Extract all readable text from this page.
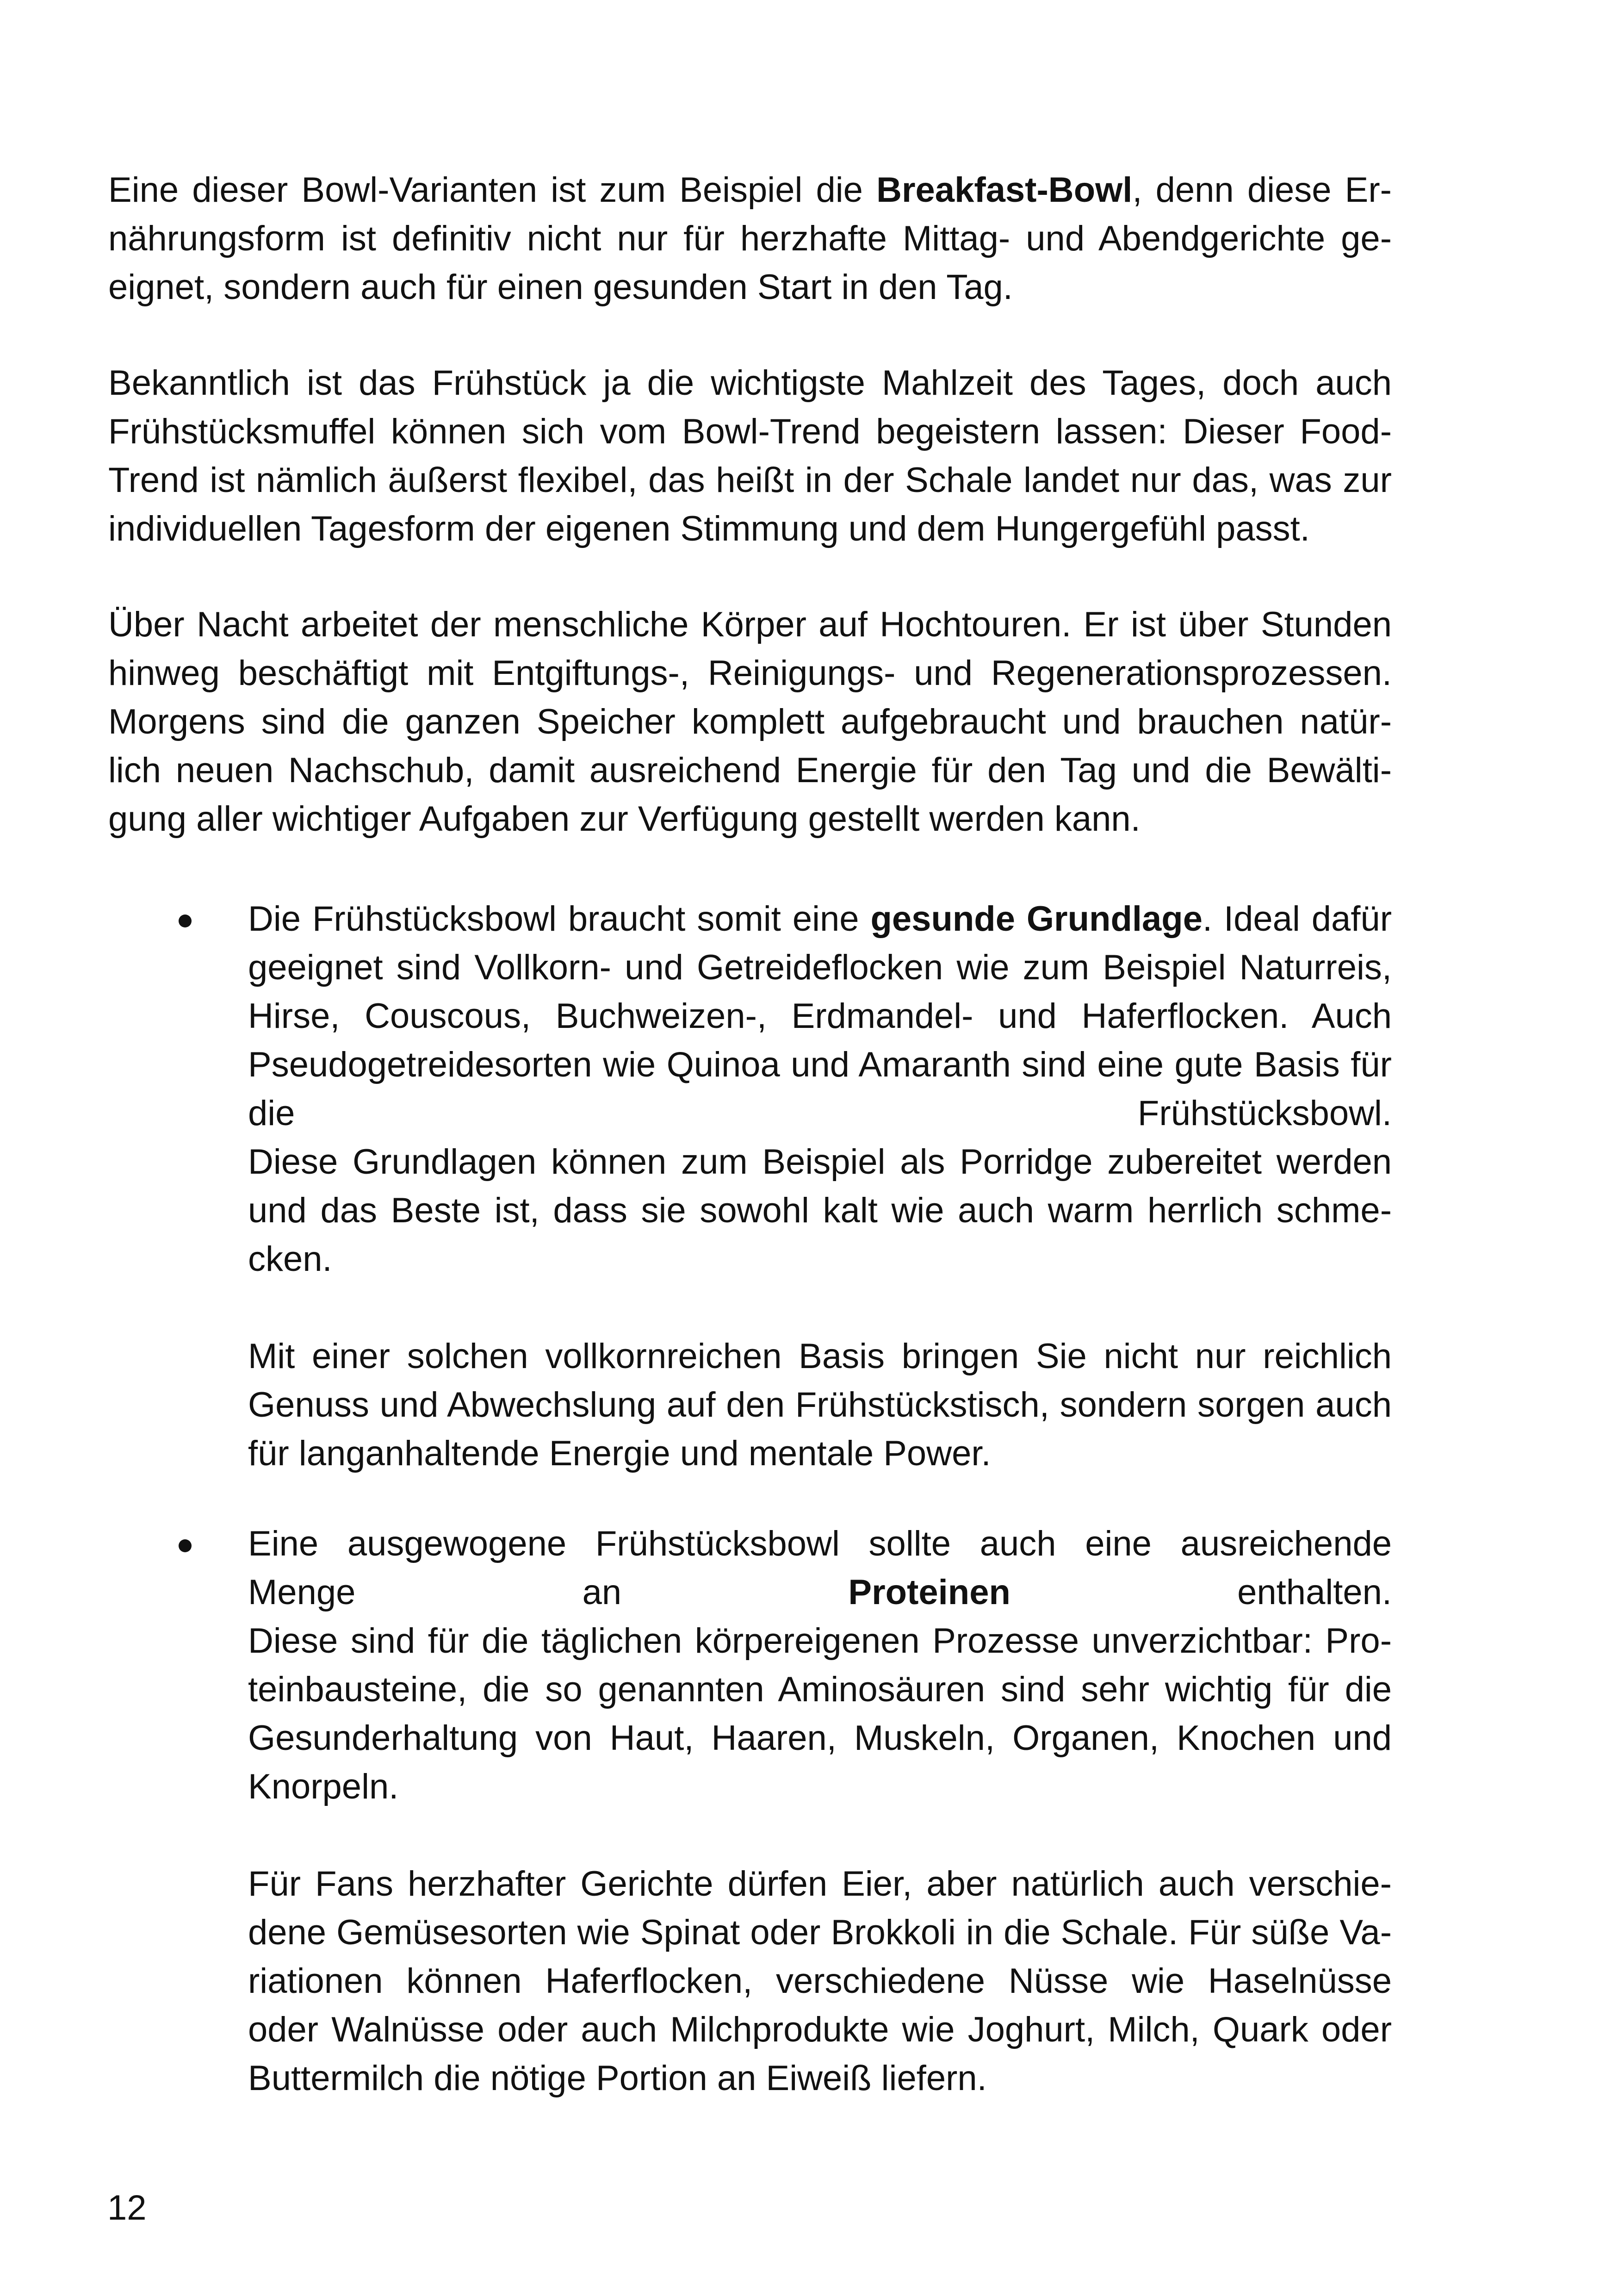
Eine dieser Bowl-Varianten ist zum Beispiel die Breakfast-Bowl, denn diese Er-
nährungsform ist definitiv nicht nur für herzhafte Mittag- und Abendgerichte ge-
eignet, sondern auch für einen gesunden Start in den Tag.
Bekanntlich ist das Frühstück ja die wichtigste Mahlzeit des Tages, doch auch
Frühstücksmuffel können sich vom Bowl-Trend begeistern lassen: Dieser Food-
Trend ist nämlich äußerst flexibel, das heißt in der Schale landet nur das, was zur
individuellen Tagesform der eigenen Stimmung und dem Hungergefühl passt.
Über Nacht arbeitet der menschliche Körper auf Hochtouren. Er ist über Stunden
hinweg beschäftigt mit Entgiftungs-, Reinigungs- und Regenerationsprozessen.
Morgens sind die ganzen Speicher komplett aufgebraucht und brauchen natür-
lich neuen Nachschub, damit ausreichend Energie für den Tag und die Bewälti-
gung aller wichtiger Aufgaben zur Verfügung gestellt werden kann.
Die Frühstücksbowl braucht somit eine gesunde Grundlage. Ideal dafür
geeignet sind Vollkorn- und Getreideflocken wie zum Beispiel Naturreis,
Hirse, Couscous, Buchweizen-, Erdmandel- und Haferflocken. Auch
Pseudogetreidesorten wie Quinoa und Amaranth sind eine gute Basis für
die Frühstücksbowl.
Diese Grundlagen können zum Beispiel als Porridge zubereitet werden
und das Beste ist, dass sie sowohl kalt wie auch warm herrlich schme-
cken.
Mit einer solchen vollkornreichen Basis bringen Sie nicht nur reichlich
Genuss und Abwechslung auf den Frühstückstisch, sondern sorgen auch
für langanhaltende Energie und mentale Power.
Eine ausgewogene Frühstücksbowl sollte auch eine ausreichende
Menge an Proteinen enthalten.
Diese sind für die täglichen körpereigenen Prozesse unverzichtbar: Pro-
teinbausteine, die so genannten Aminosäuren sind sehr wichtig für die
Gesunderhaltung von Haut, Haaren, Muskeln, Organen, Knochen und
Knorpeln.
Für Fans herzhafter Gerichte dürfen Eier, aber natürlich auch verschie-
dene Gemüsesorten wie Spinat oder Brokkoli in die Schale. Für süße Va-
riationen können Haferflocken, verschiedene Nüsse wie Haselnüsse
oder Walnüsse oder auch Milchprodukte wie Joghurt, Milch, Quark oder
Buttermilch die nötige Portion an Eiweiß liefern.
12
